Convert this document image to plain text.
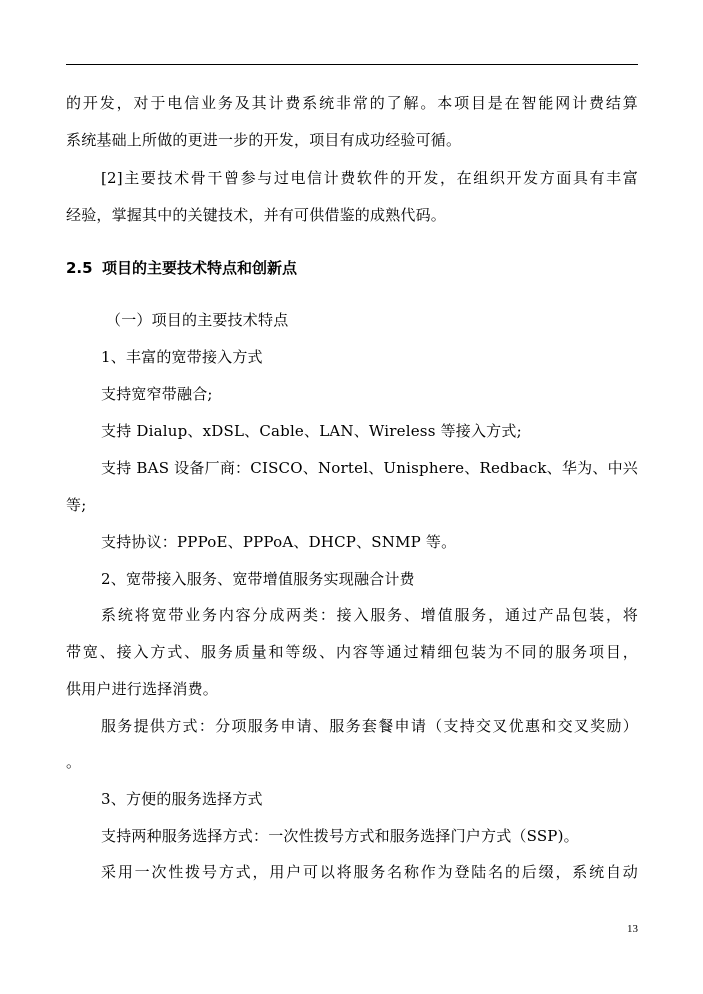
的开发，对于电信业务及其计费系统非常的了解。本项目是在智能网计费结算
系统基础上所做的更进一步的开发，项目有成功经验可循。
[2]主要技术骨干曾参与过电信计费软件的开发，在组织开发方面具有丰富
经验，掌握其中的关键技术，并有可供借鉴的成熟代码。
2.5 项目的主要技术特点和创新点
（一）项目的主要技术特点
1、丰富的宽带接入方式
支持宽窄带融合;
支持 Dialup、xDSL、Cable、LAN、Wireless 等接入方式;
支持 BAS 设备厂商：CISCO、Nortel、Unisphere、Redback、华为、中兴
等;
支持协议：PPPoE、PPPoA、DHCP、SNMP 等。
2、宽带接入服务、宽带增值服务实现融合计费
系统将宽带业务内容分成两类：接入服务、增值服务，通过产品包装，将
带宽、接入方式、服务质量和等级、内容等通过精细包装为不同的服务项目，
供用户进行选择消费。
服务提供方式：分项服务申请、服务套餐申请（支持交叉优惠和交叉奖励）
。
3、方便的服务选择方式
支持两种服务选择方式：一次性拨号方式和服务选择门户方式（SSP)。
采用一次性拨号方式，用户可以将服务名称作为登陆名的后缀，系统自动
13
